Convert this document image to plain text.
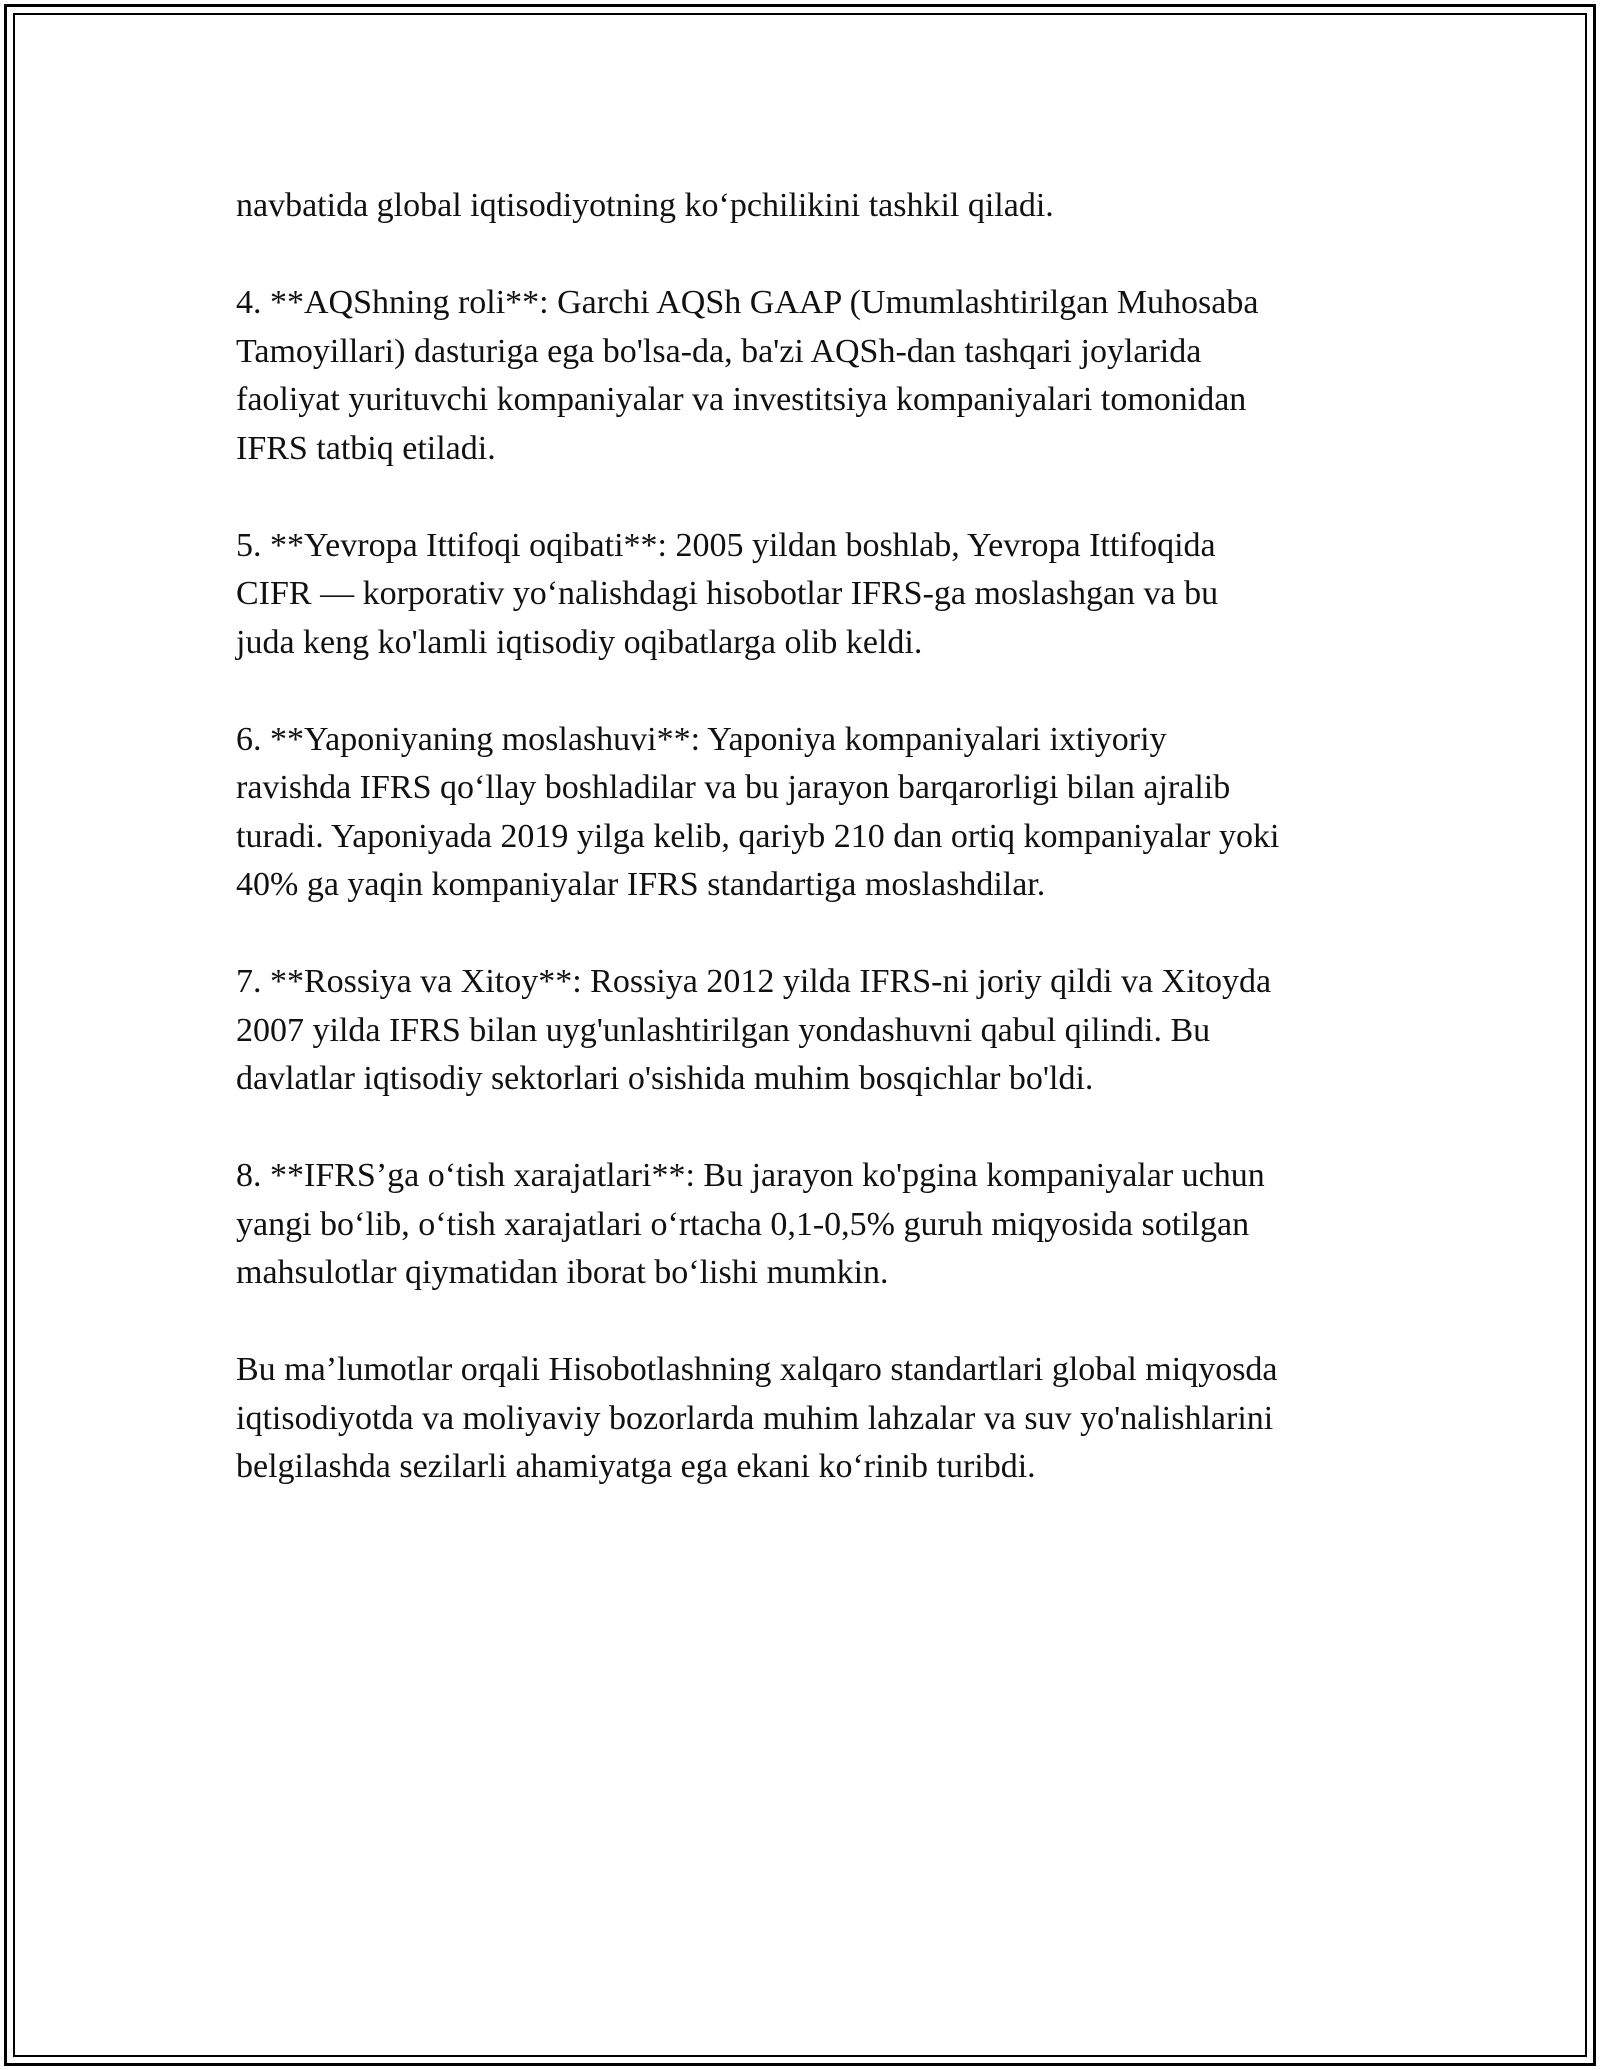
navbatida global iqtisodiyotning ko‘pchilikini tashkil qiladi.

4. **AQShning roli**: Garchi AQSh GAAP (Umumlashtirilgan Muhosaba
Tamoyillari) dasturiga ega bo'lsa-da, ba'zi AQSh-dan tashqari joylarida
faoliyat yurituvchi kompaniyalar va investitsiya kompaniyalari tomonidan
IFRS tatbiq etiladi.

5. **Yevropa Ittifoqi oqibati**: 2005 yildan boshlab, Yevropa Ittifoqida
CIFR — korporativ yo‘nalishdagi hisobotlar IFRS-ga moslashgan va bu
juda keng ko'lamli iqtisodiy oqibatlarga olib keldi.

6. **Yaponiyaning moslashuvi**: Yaponiya kompaniyalari ixtiyoriy
ravishda IFRS qo‘llay boshladilar va bu jarayon barqarorligi bilan ajralib
turadi. Yaponiyada 2019 yilga kelib, qariyb 210 dan ortiq kompaniyalar yoki
40% ga yaqin kompaniyalar IFRS standartiga moslashdilar.

7. **Rossiya va Xitoy**: Rossiya 2012 yilda IFRS-ni joriy qildi va Xitoyda
2007 yilda IFRS bilan uyg'unlashtirilgan yondashuvni qabul qilindi. Bu
davlatlar iqtisodiy sektorlari o'sishida muhim bosqichlar bo'ldi.

8. **IFRS’ga o‘tish xarajatlari**: Bu jarayon ko'pgina kompaniyalar uchun
yangi bo‘lib, o‘tish xarajatlari o‘rtacha 0,1-0,5% guruh miqyosida sotilgan
mahsulotlar qiymatidan iborat bo‘lishi mumkin.

Bu ma’lumotlar orqali Hisobotlashning xalqaro standartlari global miqyosda
iqtisodiyotda va moliyaviy bozorlarda muhim lahzalar va suv yo'nalishlarini
belgilashda sezilarli ahamiyatga ega ekani ko‘rinib turibdi.
